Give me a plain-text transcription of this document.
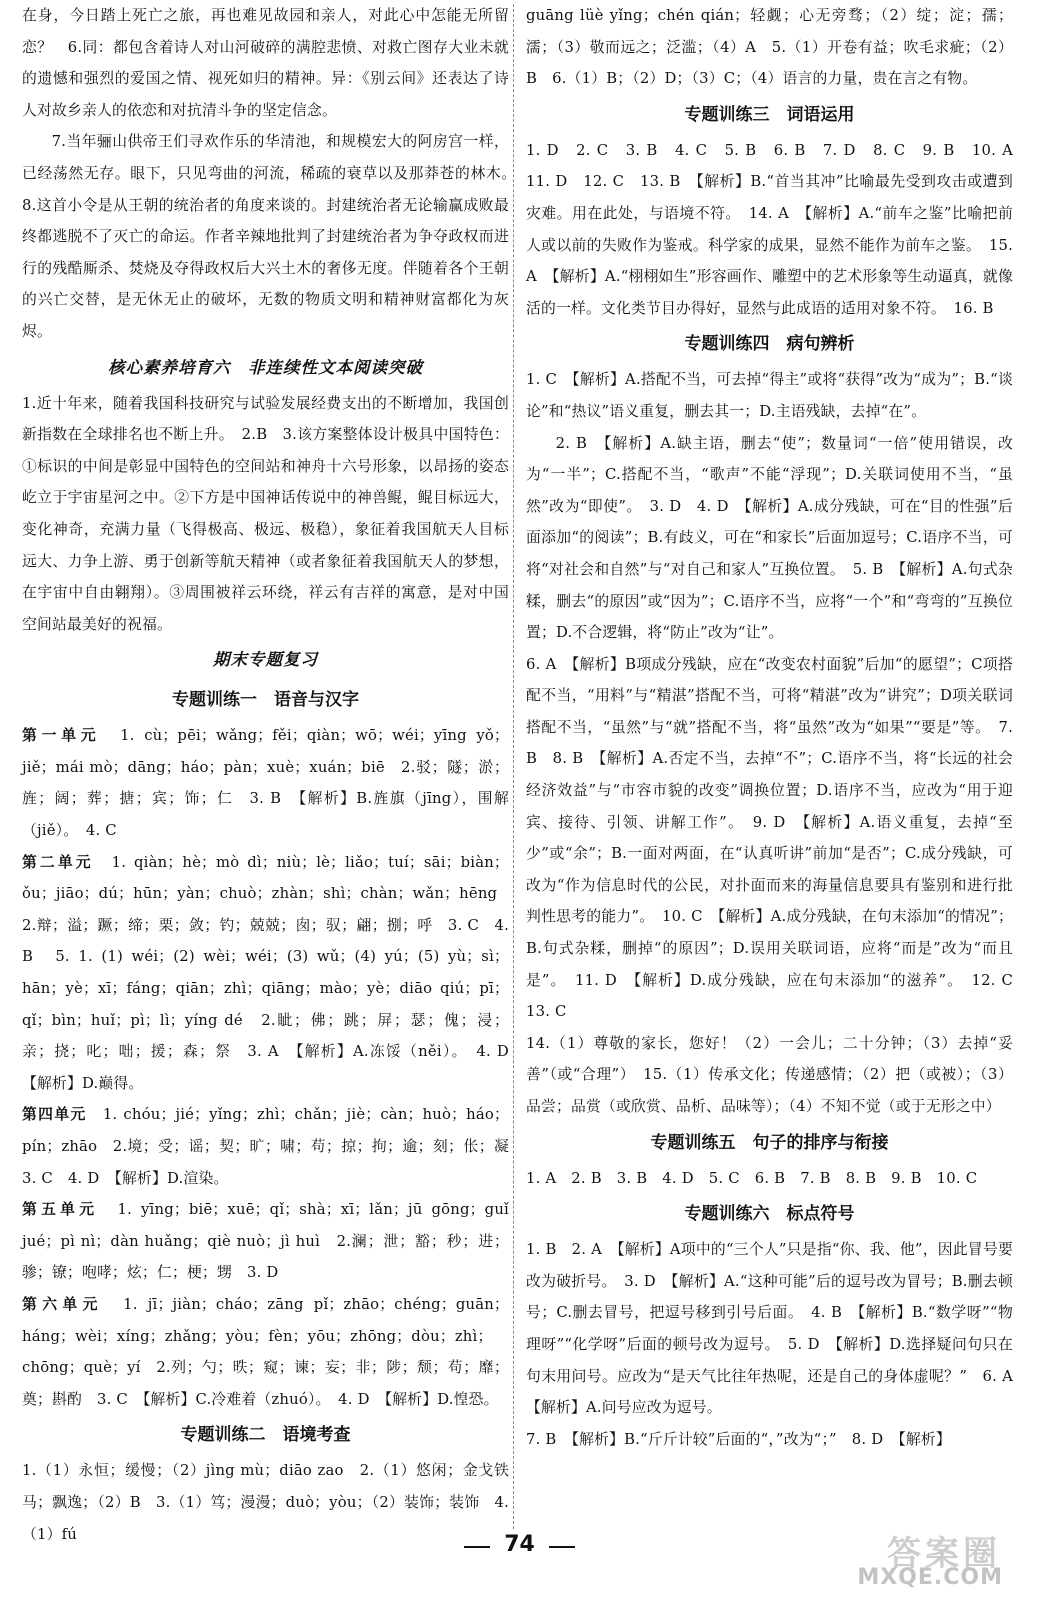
在身，今日踏上死亡之旅，再也难见故园和亲人，对此心中怎能无所留恋？　6.同：都包含着诗人对山河破碎的满腔悲愤、对救亡图存大业未就的遗憾和强烈的爱国之情、视死如归的精神。异：《别云间》还表达了诗人对故乡亲人的依恋和对抗清斗争的坚定信念。

7.当年骊山供帝王们寻欢作乐的华清池，和规模宏大的阿房宫一样，已经荡然无存。眼下，只见弯曲的河流，稀疏的衰草以及那莽苍的林木。　8.这首小令是从王朝的统治者的角度来谈的。封建统治者无论输赢成败最终都逃脱不了灭亡的命运。作者辛辣地批判了封建统治者为争夺政权而进行的残酷厮杀、焚烧及夺得政权后大兴土木的奢侈无度。伴随着各个王朝的兴亡交替，是无休无止的破坏，无数的物质文明和精神财富都化为灰烬。

核心素养培育六　非连续性文本阅读突破

1.近十年来，随着我国科技研究与试验发展经费支出的不断增加，我国创新指数在全球排名也不断上升。　2.B　3.该方案整体设计极具中国特色：①标识的中间是彰显中国特色的空间站和神舟十六号形象，以昂扬的姿态屹立于宇宙星河之中。②下方是中国神话传说中的神兽鲲，鲲目标远大，变化神奇，充满力量（飞得极高、极远、极稳），象征着我国航天人目标远大、力争上游、勇于创新等航天精神（或者象征着我国航天人的梦想，在宇宙中自由翱翔）。③周围被祥云环绕，祥云有吉祥的寓意，是对中国空间站最美好的祝福。

期末专题复习

专题训练一　语音与汉字

第一单元　1. cù；pēi；wǎng；fěi；qiàn；wō；wéi；yīng yǒ；jiě；mái mò；dāng；háo；pàn；xuè；xuán；biē　2.驳；隧；淤；旌；阔；葬；搪；宾；饰；仁　3. B　【解析】B.旌旗（jīng），围解（jiě）。　4. C

第二单元　1. qiàn；hè；mò dì；niù；lè；liǎo；tuí；sāi；biàn；ǒu；jiāo；dú；hūn；yàn；chuò；zhàn；shì；chàn；wǎn；hēng　2.辩；溢；蹶；缔；栗；敛；钓；兢兢；囱；驭；翩；捌；呼　3. C　4. B　5. 1. (1) wéi；(2) wèi；wéi；(3) wǔ；(4) yú；(5) yù；sì；hān；yè；xī；fáng；qiān；zhì；qiāng；mào；yè；diāo qiú；pī；qǐ；bìn；huǐ；pì；lì；yíng dé　2.眦；佛；跳；屏；瑟；傀；浸；亲；挠；叱；咄；援；森；祭　3. A　【解析】A.冻馁（něi）。　4. D　【解析】D.巅得。

第四单元　1. chóu；jié；yǐng；zhì；chǎn；jiè；càn；huò；háo；pín；zhāo　2.境；受；谣；契；旷；啸；苟；掠；拘；逾；刻；伥；凝　3. C　4. D　【解析】D.渲染。

第五单元　1. yīng；biē；xuē；qǐ；shà；xī；lǎn；jū gōng；guǐ jué；pì nì；dàn huǎng；qiè nuò；jì huì　2.澜；泄；豁；秒；进；骖；镣；咆哮；炫；仁；梗；甥　3. D

第六单元　1. jī；jiàn；cháo；zāng pǐ；zhāo；chéng；guān；háng；wèi；xíng；zhǎng；yòu；fèn；yōu；zhōng；dòu；zhì；chōng；què；yí　2.列；勺；昳；窥；谏；妄；非；陟；颓；苟；靡；奠；斟酌　3. C　【解析】C.冷难着（zhuó）。　4. D　【解析】D.惶恐。

专题训练二　语境考查

1.（1）永恒；缓慢；（2）jìng mù；diāo zao　2.（1）悠闲；金戈铁马；飘逸；（2）B　3.（1）笃；漫漫；duò；yòu；（2）装饰；装饰　4.（1）fú

guāng lüè yǐng；chén qián；轻觑；心无旁骛；（2）绽；淀；孺；濡；（3）敬而远之；泛滥；（4）A　5.（1）开卷有益；吹毛求疵；（2）B　6.（1）B；（2）D；（3）C；（4）语言的力量，贵在言之有物。

专题训练三　词语运用

1. D　2. C　3. B　4. C　5. B　6. B　7. D　8. C　9. B　10. A　11. D　12. C　13. B　【解析】B.“首当其冲”比喻最先受到攻击或遭到灾难。用在此处，与语境不符。　14. A　【解析】A.“前车之鉴”比喻把前人或以前的失败作为鉴戒。科学家的成果，显然不能作为前车之鉴。　15. A　【解析】A.“栩栩如生”形容画作、雕塑中的艺术形象等生动逼真，就像活的一样。文化类节目办得好，显然与此成语的适用对象不符。　16. B

专题训练四　病句辨析

1. C　【解析】A.搭配不当，可去掉“得主”或将“获得”改为“成为”；B.“谈论”和“热议”语义重复，删去其一；D.主语残缺，去掉“在”。

2. B　【解析】A.缺主语，删去“使”；数量词“一倍”使用错误，改为“一半”；C.搭配不当，“歌声”不能“浮现”；D.关联词使用不当，“虽然”改为“即使”。　3. D　4. D　【解析】A.成分残缺，可在“目的性强”后面添加“的阅读”；B.有歧义，可在“和家长”后面加逗号；C.语序不当，可将“对社会和自然”与“对自己和家人”互换位置。　5. B　【解析】A.句式杂糅，删去“的原因”或“因为”；C.语序不当，应将“一个”和“弯弯的”互换位置；D.不合逻辑，将“防止”改为“让”。

6. A　【解析】B项成分残缺，应在“改变农村面貌”后加“的愿望”；C项搭配不当，“用料”与“精湛”搭配不当，可将“精湛”改为“讲究”；D项关联词搭配不当，“虽然”与“就”搭配不当，将“虽然”改为“如果”“要是”等。　7. B　8. B　【解析】A.否定不当，去掉“不”；C.语序不当，将“长远的社会经济效益”与“市容市貌的改变”调换位置；D.语序不当，应改为“用于迎宾、接待、引领、讲解工作”。　9. D　【解析】A.语义重复，去掉“至少”或“余”；B.一面对两面，在“认真听讲”前加“是否”；C.成分残缺，可改为“作为信息时代的公民，对扑面而来的海量信息要具有鉴别和进行批判性思考的能力”。　10. C　【解析】A.成分残缺，在句末添加“的情况”；B.句式杂糅，删掉“的原因”；D.误用关联词语，应将“而是”改为“而且是”。　11. D　【解析】D.成分残缺，应在句末添加“的滋养”。　12. C　13. C

14.（1）尊敬的家长，您好！（2）一会儿；二十分钟；（3）去掉“妥善”（或“合理”）　15.（1）传承文化；传递感情；（2）把（或被）；（3）品尝；品赏（或欣赏、品析、品味等）；（4）不知不觉（或于无形之中）

专题训练五　句子的排序与衔接

1. A　2. B　3. B　4. D　5. C　6. B　7. B　8. B　9. B　10. C

专题训练六　标点符号

1. B　2. A　【解析】A项中的“三个人”只是指“你、我、他”，因此冒号要改为破折号。　3. D　【解析】A.“这种可能”后的逗号改为冒号；B.删去顿号；C.删去冒号，把逗号移到引号后面。　4. B　【解析】B.“数学呀”“物理呀”“化学呀”后面的顿号改为逗号。　5. D　【解析】D.选择疑问句只在句末用问号。应改为“是天气比往年热呢，还是自己的身体虚呢？”　6. A　【解析】A.问号应改为逗号。

7. B　【解析】B.“斤斤计较”后面的“，”改为“；”　8. D　【解析】

74	答案圈
MXQE.COM
